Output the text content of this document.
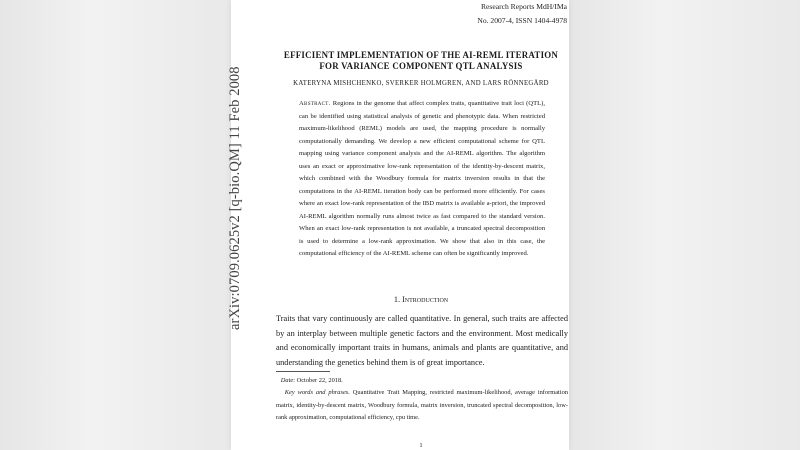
arXiv:0709.0625v2 [q-bio.QM] 11 Feb 2008
Research Reports MdH/IMa
No. 2007-4, ISSN 1404-4978
EFFICIENT IMPLEMENTATION OF THE AI-REML ITERATION
FOR VARIANCE COMPONENT QTL ANALYSIS
KATERYNA MISHCHENKO, SVERKER HOLMGREN, AND LARS RÖNNEGÅRD
Abstract. Regions in the genome that affect complex traits, quantitative trait loci (QTL), can be identified using statistical analysis of genetic and phenotypic data. When restricted maximum-likelihood (REML) models are used, the mapping procedure is normally computationally demanding. We develop a new efficient computational scheme for QTL mapping using variance component analysis and the AI-REML algorithm. The algorithm uses an exact or approximative low-rank representation of the identity-by-descent matrix, which combined with the Woodbury formula for matrix inversion results in that the computations in the AI-REML iteration body can be performed more efficiently. For cases where an exact low-rank representation of the IBD matrix is available a-priori, the improved AI-REML algorithm normally runs almost twice as fast compared to the standard version. When an exact low-rank representation is not available, a truncated spectral decomposition is used to determine a low-rank approximation. We show that also in this case, the computational efficiency of the AI-REML scheme can often be significantly improved.
1. Introduction
Traits that vary continuously are called quantitative. In general, such traits are affected by an interplay between multiple genetic factors and the environment. Most medically and economically important traits in humans, animals and plants are quantitative, and understanding the genetics behind them is of great importance.
Date: October 22, 2018.
Key words and phrases. Quantitative Trait Mapping, restricted maximum-likelihood, average information matrix, identity-by-descent matrix, Woodbury formula, matrix inversion, truncated spectral decomposition, low-rank approximation, computational efficiency, cpu time.
1
